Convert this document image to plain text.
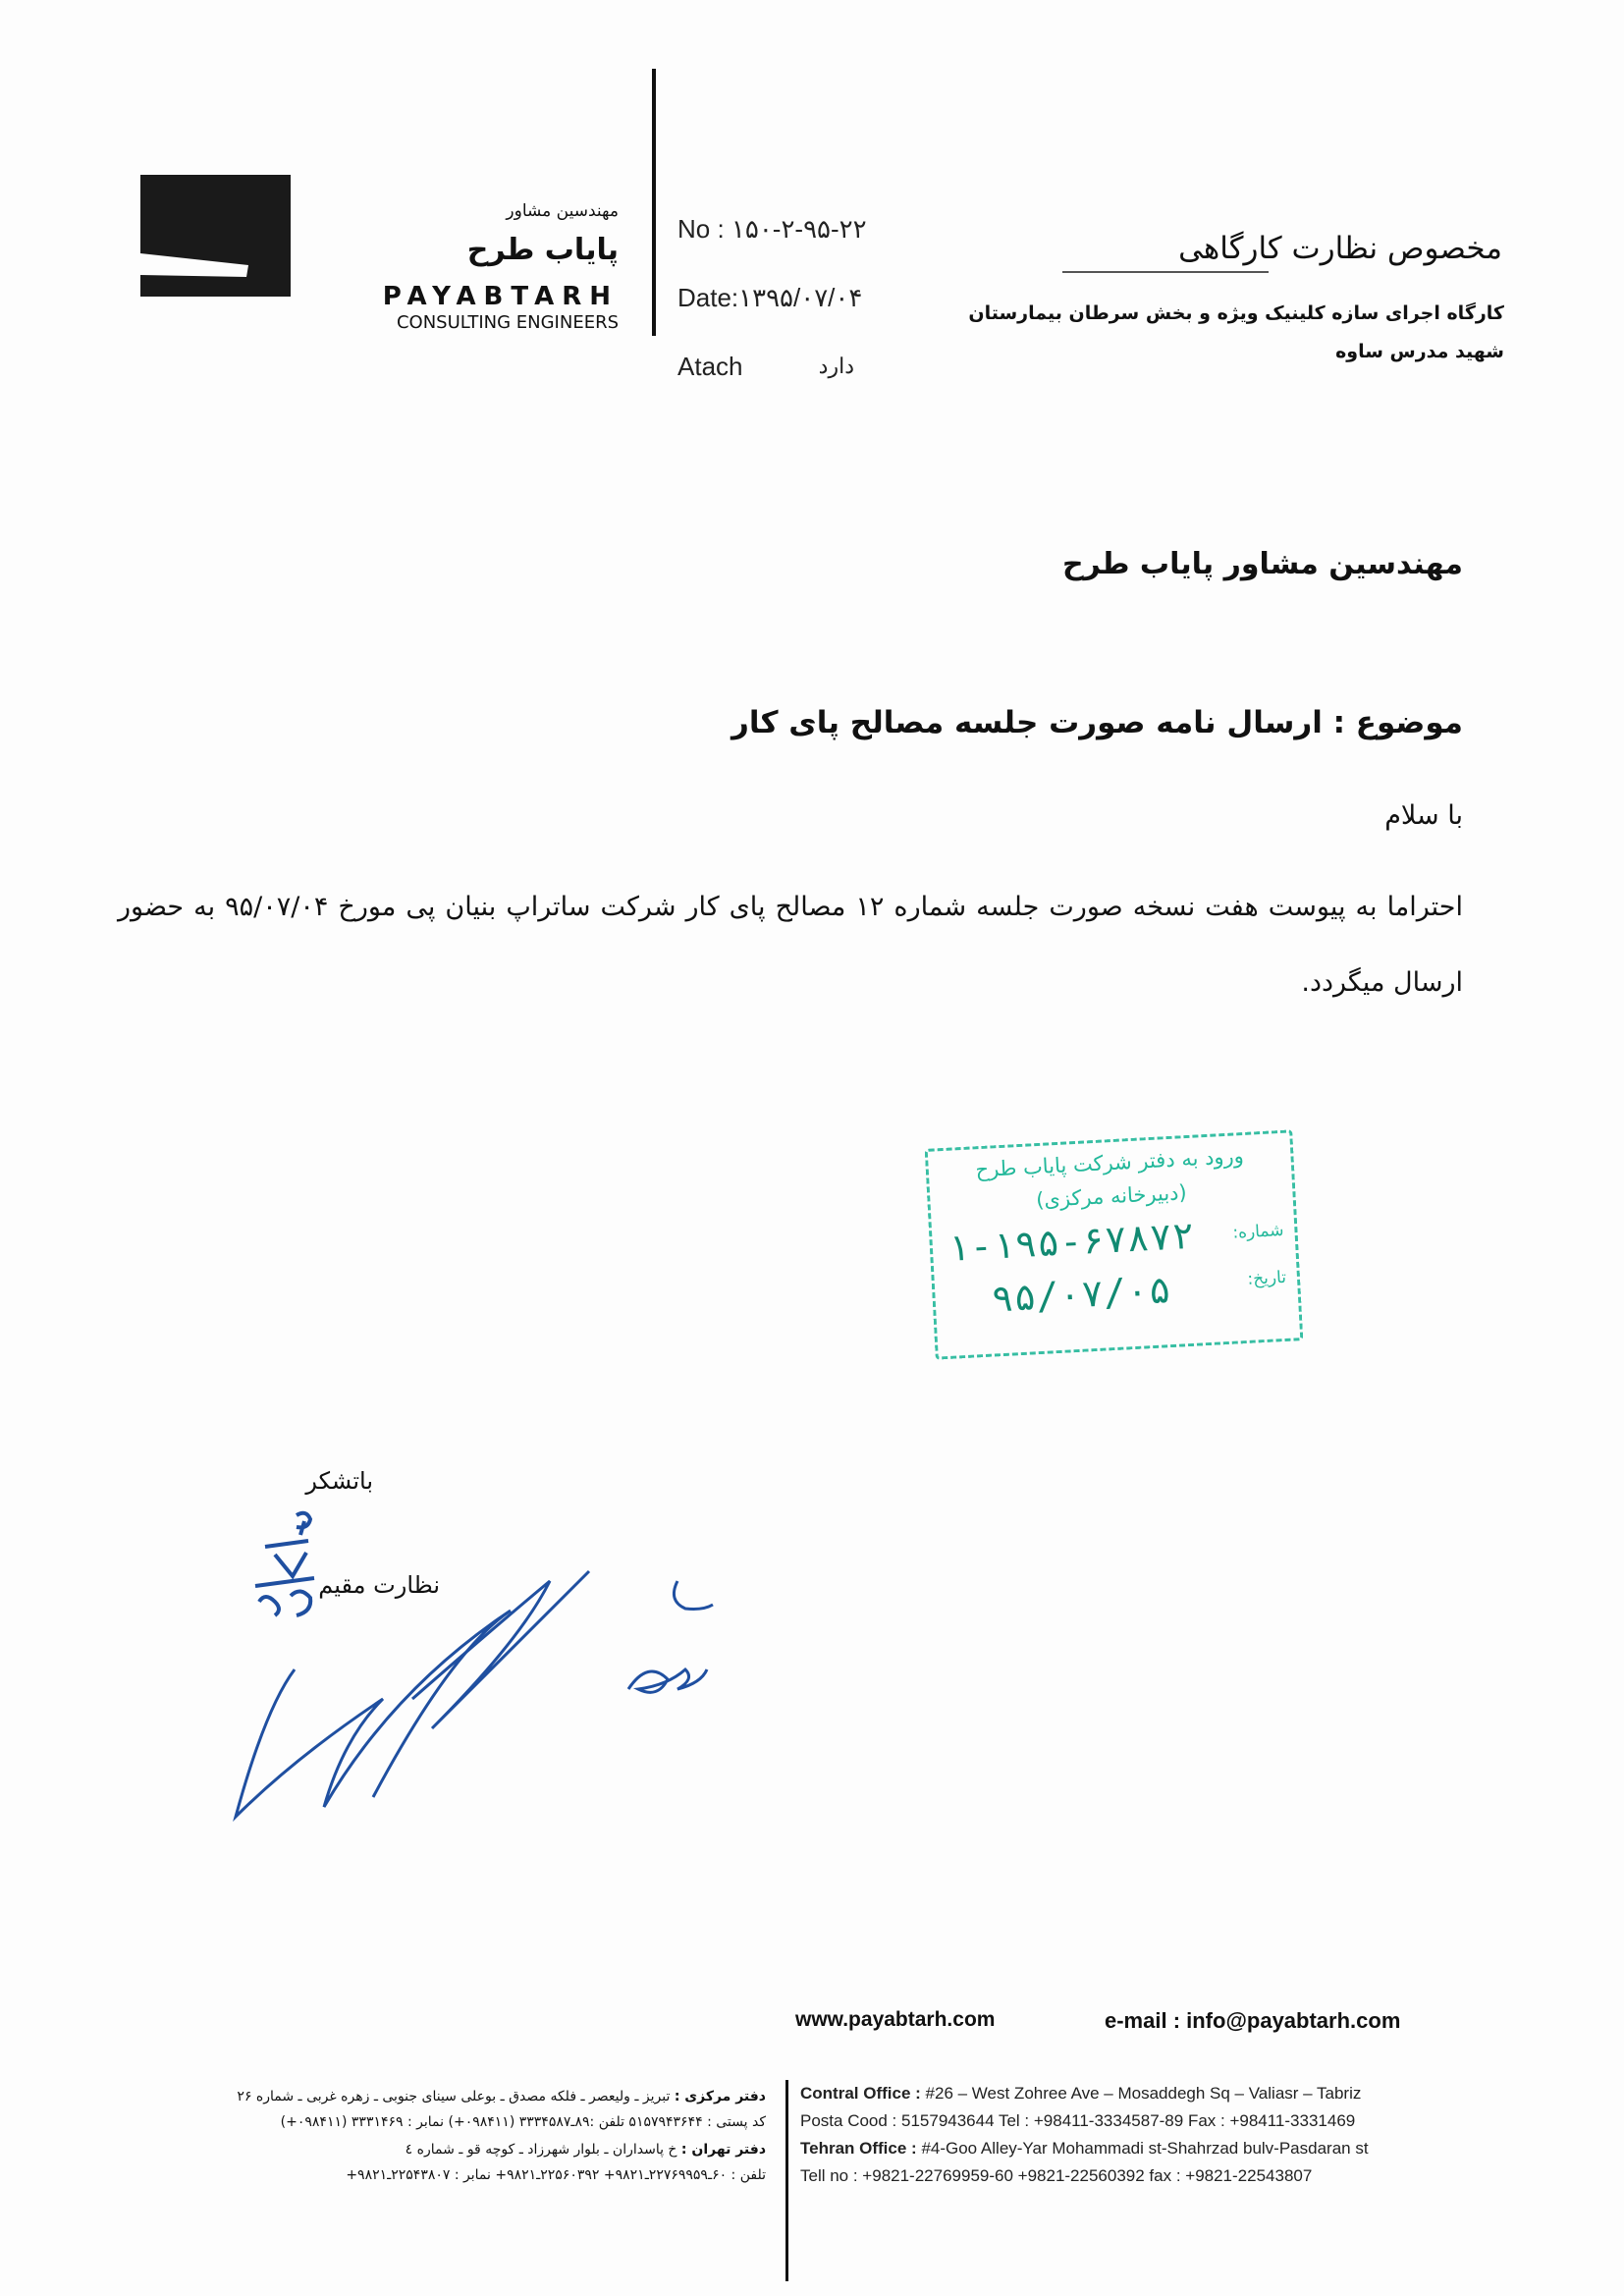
مهندسین مشاور
پایاب طرح
PAYABTARH
CONSULTING ENGINEERS
No : ۱۵۰-۲-۹۵-۲۲
Date:۱۳۹۵/۰۷/۰۴
Atach	دارد
مخصوص نظارت کارگاهی
کارگاه اجرای سازه کلینیک ویژه و بخش سرطان بیمارستان
شهید مدرس ساوه
مهندسین مشاور پایاب طرح
موضوع : ارسال نامه صورت جلسه مصالح پای کار
با سلام
احتراما به پیوست هفت نسخه صورت جلسه شماره ۱۲ مصالح پای کار شرکت ساتراپ بنیان پی مورخ ۹۵/۰۷/۰۴ به حضور ارسال میگردد.
ورود به دفتر شرکت پایاب طرح
(دبیرخانه مرکزی)
شماره:
تاریخ:
۱-۱۹۵-۶۷۸۷۲
۹۵/۰۷/۰۵
باتشکر
نظارت مقیم
www.payabtarh.com	e-mail : info@payabtarh.com
دفتر مرکزی : تبریز ـ ولیعصر ـ فلکه مصدق ـ بوعلی سینای جنوبی ـ زهره غربی ـ شماره ۲۶
کد پستی : ۵۱۵۷۹۴۳۶۴۴ تلفن :۸۹ـ۳۳۳۴۵۸۷ (۰۹۸۴۱۱+) نمابر : ۳۳۳۱۴۶۹ (۰۹۸۴۱۱+)
دفتر تهران : خ پاسداران ـ بلوار شهرزاد ـ کوچه قو ـ شماره ٤
تلفن : ۶۰ـ۲۲۷۶۹۹۵۹ـ۹۸۲۱+ ۲۲۵۶۰۳۹۲ـ۹۸۲۱+ نمابر : ۲۲۵۴۳۸۰۷ـ۹۸۲۱+
Contral Office : #26 – West Zohree Ave – Mosaddegh Sq – Valiasr – Tabriz
Posta Cood : 5157943644 Tel : +98411-3334587-89 Fax : +98411-3331469
Tehran Office : #4-Goo Alley-Yar Mohammadi st-Shahrzad bulv-Pasdaran st
Tell no : +9821-22769959-60 +9821-22560392 fax : +9821-22543807
